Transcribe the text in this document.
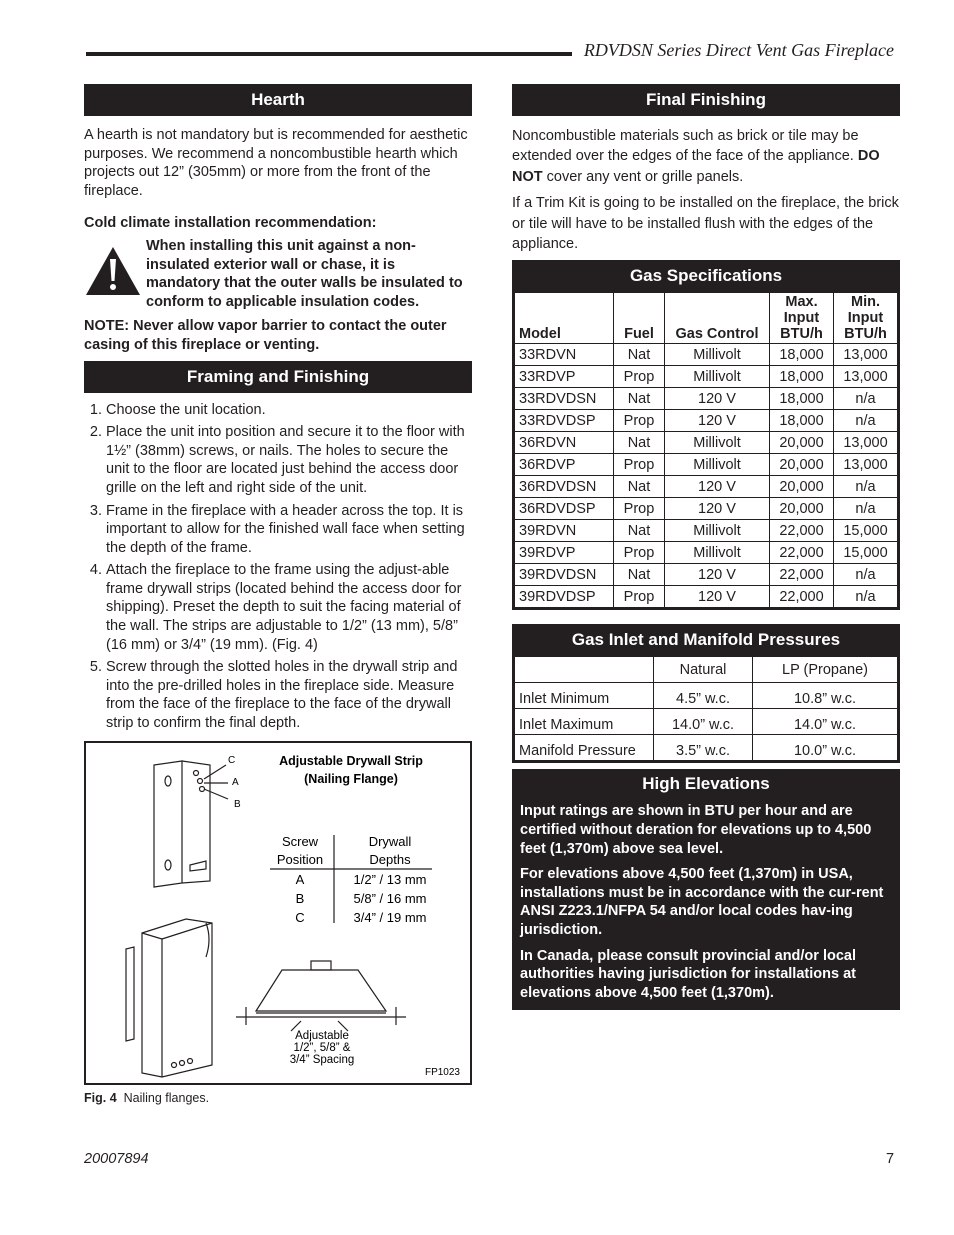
RDVDSN Series Direct Vent Gas Fireplace
Hearth

A hearth is not mandatory but is recommended for aesthetic purposes. We recommend a noncombustible hearth which projects out 12” (305mm) or more from the front of the fireplace.

Cold climate installation recommendation:

When installing this unit against a non-insulated exterior wall or chase, it is mandatory that the outer walls be insulated to conform to applicable insulation codes.

NOTE: Never allow vapor barrier to contact the outer casing of this fireplace or venting.

Framing and Finishing
1. Choose the unit location.
2. Place the unit into position and secure it to the floor with 1½” (38mm) screws, or nails. The holes to secure the unit to the floor are located just behind the access door grille on the left and right side of the unit.
3. Frame in the fireplace with a header across the top. It is important to allow for the finished wall face when setting the depth of the frame.
4. Attach the fireplace to the frame using the adjust-able frame drywall strips (located behind the access door for shipping). Preset the depth to suit the facing material of the wall. The strips are adjustable to 1/2” (13 mm), 5/8” (16 mm) or 3/4” (19 mm). (Fig. 4)
5. Screw through the slotted holes in the drywall strip and into the pre-drilled holes in the fireplace side. Measure from the face of the fireplace to the face of the drywall strip to confirm the final depth.
C
A
B
Adjustable Drywall Strip
(Nailing Flange)
Screw
Position
Drywall
Depths
A	1/2” / 13 mm
B	5/8” / 16 mm
C	3/4” / 19 mm
Adjustable
1/2”, 5/8” &
3/4” Spacing
FP1023

Fig. 4 Nailing flanges.

Final Finishing

Noncombustible materials such as brick or tile may be extended over the edges of the face of the appliance. DO NOT cover any vent or grille panels.

If a Trim Kit is going to be installed on the fireplace, the brick or tile will have to be installed flush with the edges of the appliance.

Gas Specifications
Model	Fuel	Gas Control	Max.
Input
BTU/h	Min.
Input
BTU/h
33RDVN	Nat	Millivolt	18,000	13,000
33RDVP	Prop	Millivolt	18,000	13,000
33RDVDSN	Nat	120 V	18,000	n/a
33RDVDSP	Prop	120 V	18,000	n/a
36RDVN	Nat	Millivolt	20,000	13,000
36RDVP	Prop	Millivolt	20,000	13,000
36RDVDSN	Nat	120 V	20,000	n/a
36RDVDSP	Prop	120 V	20,000	n/a
39RDVN	Nat	Millivolt	22,000	15,000
39RDVP	Prop	Millivolt	22,000	15,000
39RDVDSN	Nat	120 V	22,000	n/a
39RDVDSP	Prop	120 V	22,000	n/a
Gas Inlet and Manifold Pressures
	Natural	LP (Propane)
Inlet Minimum	4.5” w.c.	10.8” w.c.
Inlet Maximum	14.0” w.c.	14.0” w.c.
Manifold Pressure	3.5” w.c.	10.0” w.c.
High Elevations

Input ratings are shown in BTU per hour and are certified without deration for elevations up to 4,500 feet (1,370m) above sea level.

For elevations above 4,500 feet (1,370m) in USA, installations must be in accordance with the cur-rent ANSI Z223.1/NFPA 54 and/or local codes hav-ing jurisdiction.

In Canada, please consult provincial and/or local authorities having jurisdiction for installations at elevations above 4,500 feet (1,370m).

20007894	7
